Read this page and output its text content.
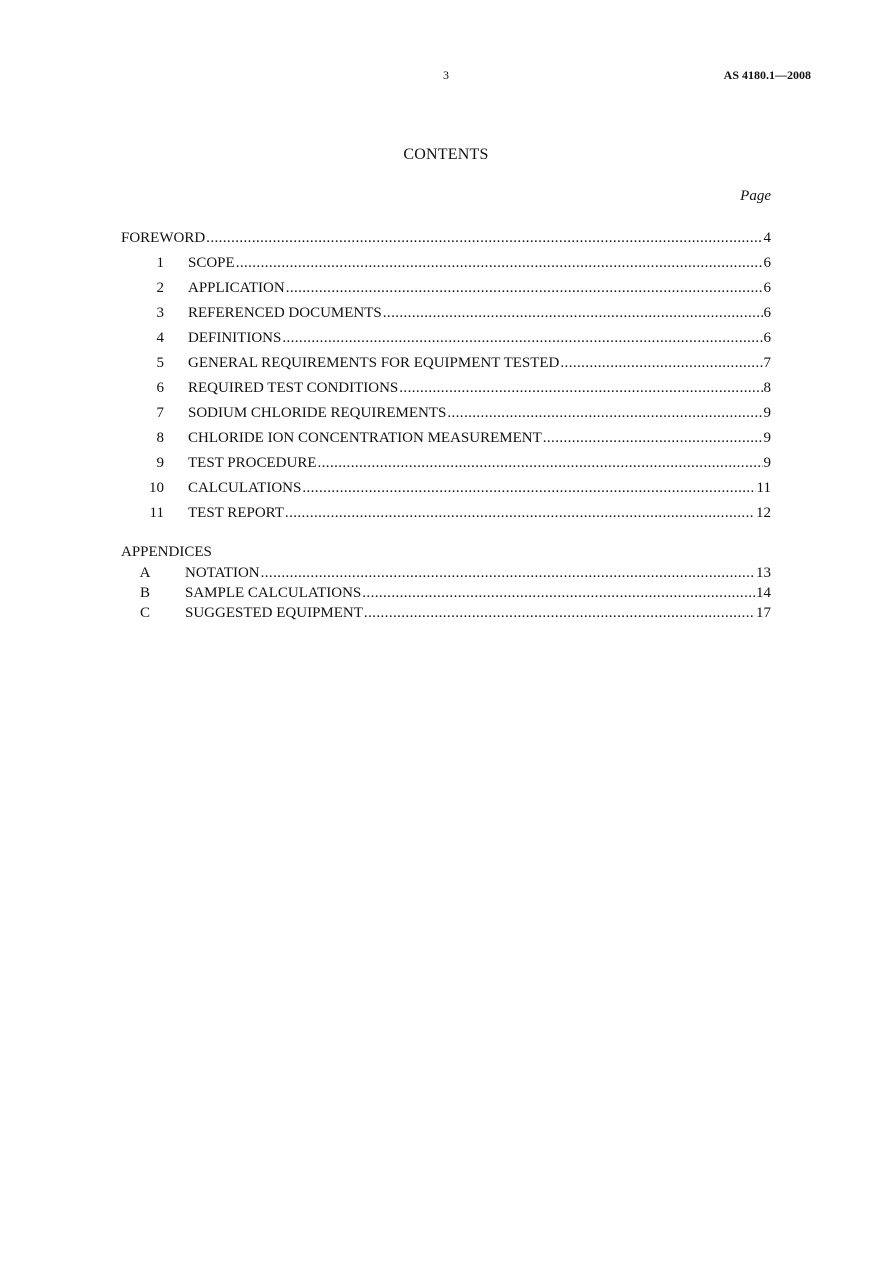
3	AS 4180.1—2008
CONTENTS
Page
FOREWORD .....	4
1 SCOPE .....	6
2 APPLICATION .....	6
3 REFERENCED DOCUMENTS .....	6
4 DEFINITIONS .....	6
5 GENERAL REQUIREMENTS FOR EQUIPMENT TESTED .....	7
6 REQUIRED TEST CONDITIONS .....	8
7 SODIUM CHLORIDE REQUIREMENTS .....	9
8 CHLORIDE ION CONCENTRATION MEASUREMENT .....	9
9 TEST PROCEDURE .....	9
10 CALCULATIONS .....	11
11 TEST REPORT .....	12
APPENDICES
A	NOTATION .....	13
B	SAMPLE CALCULATIONS .....	14
C	SUGGESTED EQUIPMENT .....	17
